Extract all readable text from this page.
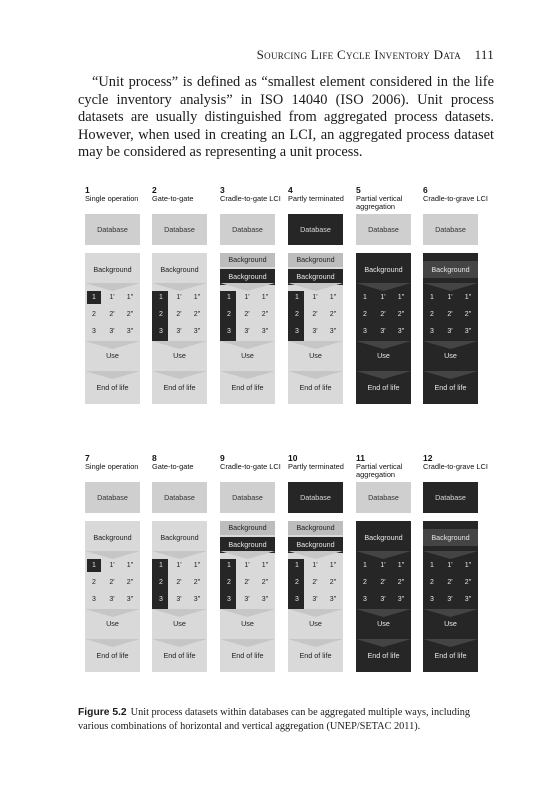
Sourcing Life Cycle Inventory Data 111
“Unit process” is defined as “smallest element considered in the life cycle inventory analysis” in ISO 14040 (ISO 2006). Unit process datasets are usually distinguished from aggregated process datasets. However, when used in creating an LCI, an aggregated process dataset may be considered as representing a unit process.
1
Single operation
Database
Background
1	1'	1"
2	2'	2"
3	3'	3"
Use
End of life
2
Gate-to-gate
Database
Background
1	1'	1"
2	2'	2"
3	3'	3"
Use
End of life
3
Cradle-to-gate LCI
Database
Background
Background
1	1'	1"
2	2'	2"
3	3'	3"
Use
End of life
4
Partly terminated
Database
Background
Background
1	1'	1"
2	2'	2"
3	3'	3"
Use
End of life
5
Partial vertical aggregation
Database
Background
1	1'	1"
2	2'	2"
3	3'	3"
Use
End of life
6
Cradle-to-grave LCI
Database
Background
1	1'	1"
2	2'	2"
3	3'	3"
Use
End of life
7
Single operation
Database
Background
1	1'	1"
2	2'	2"
3	3'	3"
Use
End of life
8
Gate-to-gate
Database
Background
1	1'	1"
2	2'	2"
3	3'	3"
Use
End of life
9
Cradle-to-gate LCI
Database
Background
Background
1	1'	1"
2	2'	2"
3	3'	3"
Use
End of life
10
Partly terminated
Database
Background
Background
1	1'	1"
2	2'	2"
3	3'	3"
Use
End of life
11
Partial vertical aggregation
Database
Background
1	1'	1"
2	2'	2"
3	3'	3"
Use
End of life
12
Cradle-to-grave LCI
Database
Background
1	1'	1"
2	2'	2"
3	3'	3"
Use
End of life
Figure 5.2 Unit process datasets within databases can be aggregated multiple ways, including various combinations of horizontal and vertical aggregation (UNEP/SETAC 2011).
